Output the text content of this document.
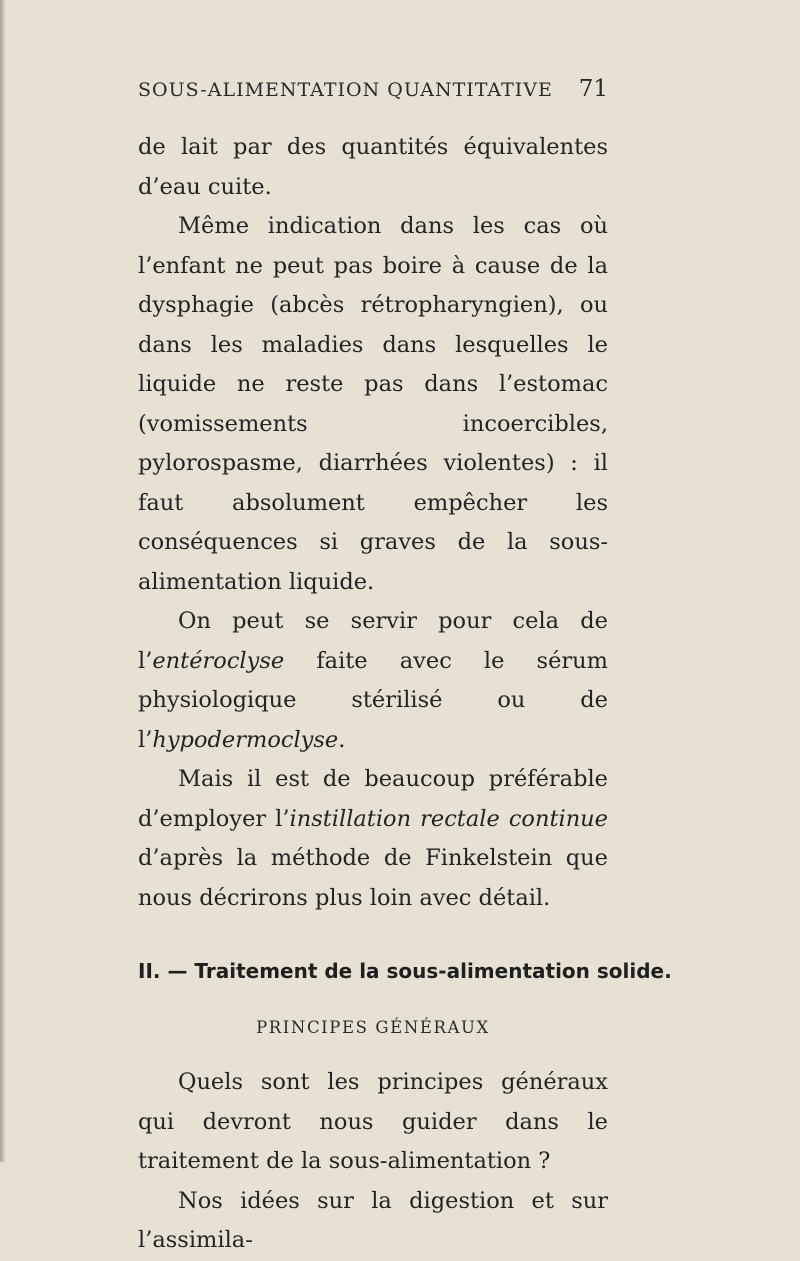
SOUS-ALIMENTATION QUANTITATIVE 71

de lait par des quantités équivalentes d’eau cuite.

Même indication dans les cas où l’enfant ne peut pas boire à cause de la dysphagie (abcès rétropharyngien), ou dans les maladies dans lesquelles le liquide ne reste pas dans l’estomac (vomissements incoercibles, pylorospasme, diarrhées violentes) : il faut absolument empêcher les conséquences si graves de la sous-alimentation liquide.

On peut se servir pour cela de l’entéroclyse faite avec le sérum physiologique stérilisé ou de l’hypodermoclyse.

Mais il est de beaucoup préférable d’employer l’instillation rectale continue d’après la méthode de Finkelstein que nous décrirons plus loin avec détail.

II. — Traitement de la sous-alimentation solide.
PRINCIPES GÉNÉRAUX

Quels sont les principes généraux qui devront nous guider dans le traitement de la sous-alimentation ?

Nos idées sur la digestion et sur l’assimila-
